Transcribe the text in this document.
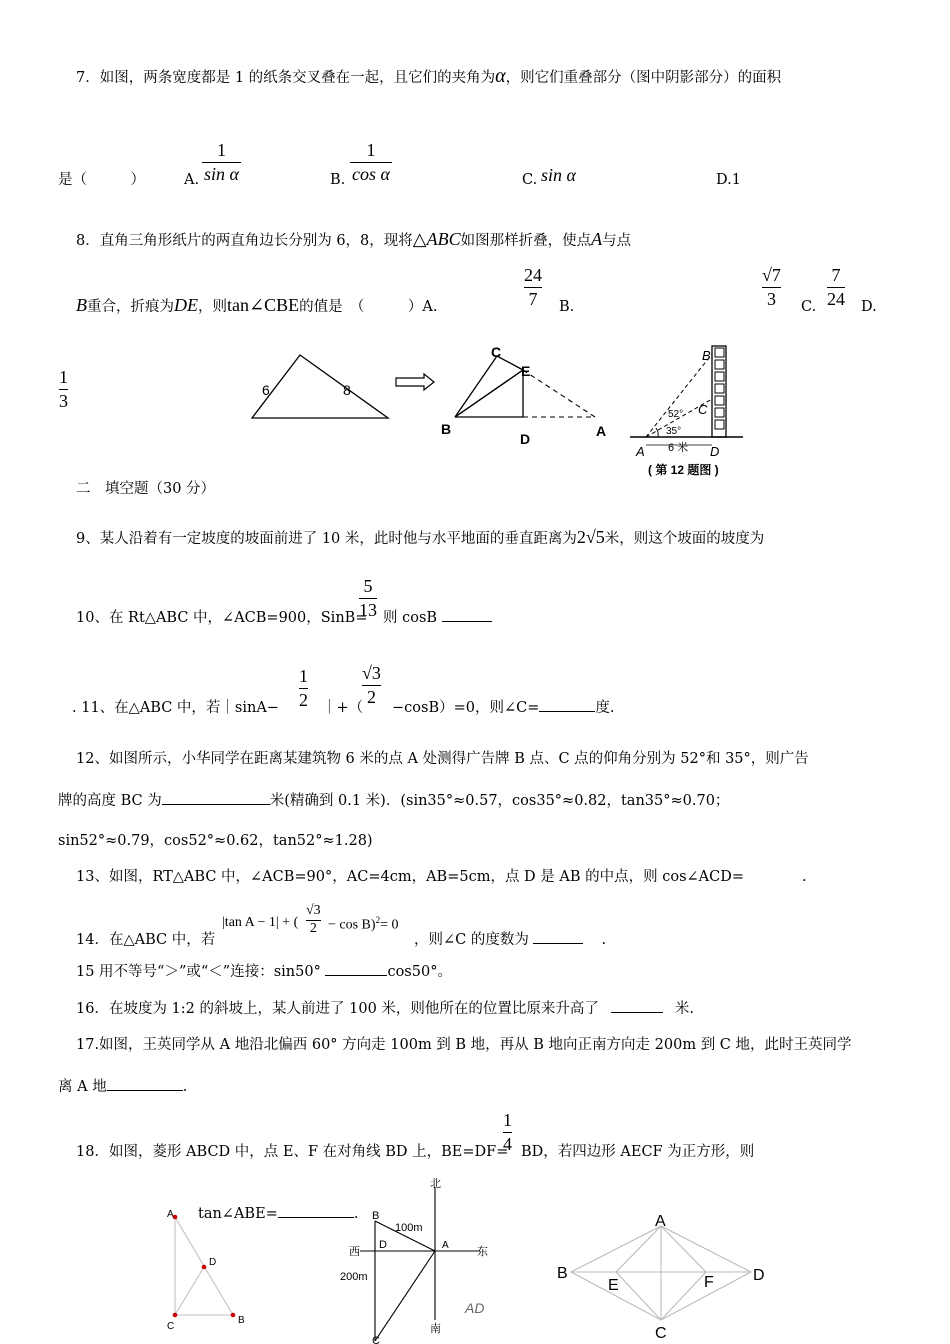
7．如图，两条宽度都是 1 的纸条交叉叠在一起，且它们的夹角为α，则它们重叠部分（图中阴影部分）的面积
是（　　　）	A.
1
sin α	B.
1
cos α	C. sin α	D.1
8．直角三角形纸片的两直角边长分别为 6，8，现将△ABC如图那样折叠，使点A与点
B重合，折痕为DE，则tan∠CBE的值是　（　　　）A.
24
7 B.
√7
3 C.
7
24 D.
1
3
6	8
C
E
B
D	A
B
C
52°
35°
A	D
6 米
( 第 12 题图 )
二　填空题（30 分）
9、某人沿着有一定坡度的坡面前进了 10 米，此时他与水平地面的垂直距离为2√5米，则这个坡面的坡度为
10、在 Rt△ABC 中，∠ACB=900，SinB=
5
13 则 cosB
. 11、在△ABC 中，若｜sinA−
1
2 ｜+（
√3
2
−cosB）=0，则∠C=	度.
12、如图所示，小华同学在距离某建筑物 6 米的点 A 处测得广告牌 B 点、C 点的仰角分别为 52°和 35°，则广告
牌的高度 BC 为	米(精确到 0.1 米)．(sin35°≈0.57，cos35°≈0.82，tan35°≈0.70；
sin52°≈0.79，cos52°≈0.62，tan52°≈1.28)
13、如图，RT△ABC 中，∠ACB=90°，AC=4cm，AB=5cm，点 D 是 AB 的中点，则 cos∠ACD=	.
14．在△ABC 中，若
|tan A − 1| + (
√3
2 − cos B)$^2$= 0
，则∠C 的度数为	.
15 用不等号“＞”或“＜”连接：sin50°	cos50°。
16．在坡度为 1:2 的斜坡上，某人前进了 100 米，则他所在的位置比原来升高了	米.
17.如图，王英同学从 A 地沿北偏西 60° 方向走 100m 到 B 地，再从 B 地向正南方向走 200m 到 C 地，此时王英同学
离 A 地	.
18．如图，菱形 ABCD 中，点 E、F 在对角线 BD 上，BE=DF=
1
4 BD，若四边形 AECF 为正方形，则
tan∠ABE=	.
A
D
C
B
北
南
西	东
B
D	A
C
100m
200m
AD
A
B	D
E	F
C
